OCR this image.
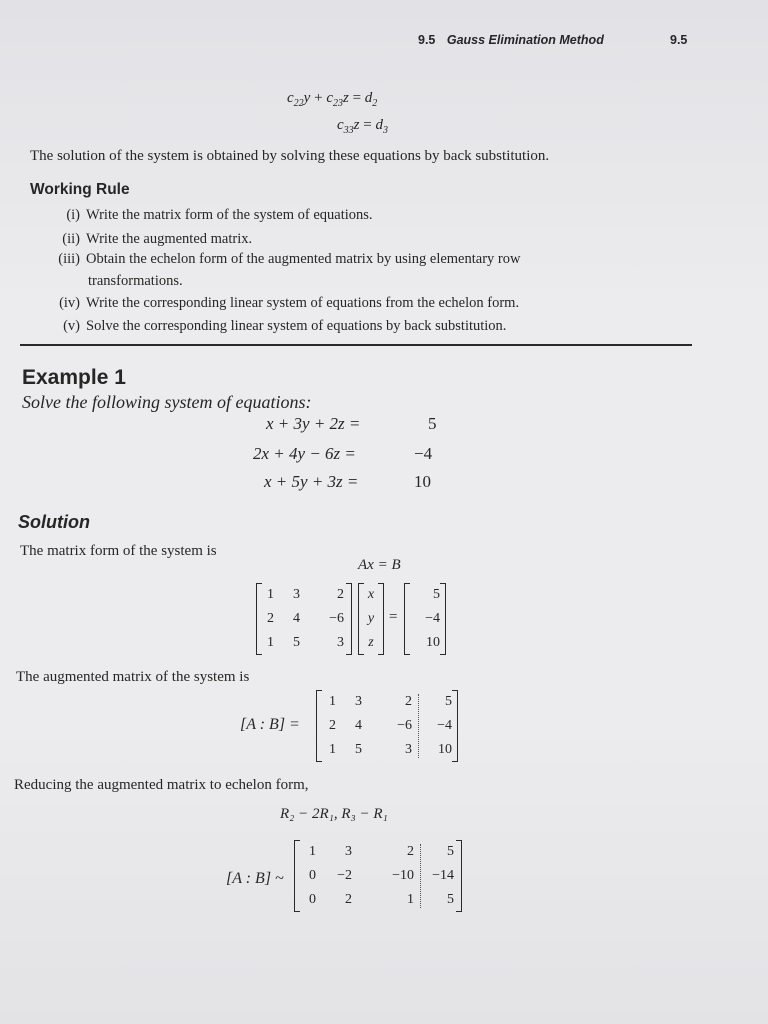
9.5 Gauss Elimination Method	9.5
$c_{22}y + c_{23}z = d_2$
$c_{33}z = d_3$
The solution of the system is obtained by solving these equations by back substitution.
Working Rule
(i) Write the matrix form of the system of equations.
(ii) Write the augmented matrix.
(iii) Obtain the echelon form of the augmented matrix by using elementary row
transformations.
(iv) Write the corresponding linear system of equations from the echelon form.
(v) Solve the corresponding linear system of equations by back substitution.
Example 1
Solve the following system of equations:
x + 3y + 2z =	5
2x + 4y − 6z =	−4
x + 5y + 3z =	10
Solution
The matrix form of the system is
Ax = B
1	3	2
2	4	−6
1	5	3
x
y
z
=
5
−4
10
The augmented matrix of the system is
[A : B] =
1	3	2	5
2	4	−6	−4
1	5	3	10
Reducing the augmented matrix to echelon form,
R₂ − 2R₁, R₃ − R₁
[A : B] ~
1	3	2	5
0	−2	−10	−14
0	2	1	5
